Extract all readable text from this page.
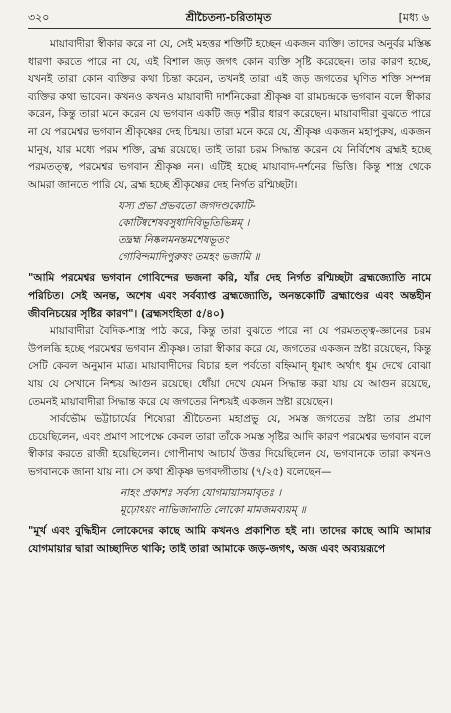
৩২০	শ্রীচৈতন্য-চরিতামৃত	[মধ্য ৬

মায়াবাদীরা স্বীকার করে না যে, সেই মহত্তর শক্তিটি হচ্ছেন একজন ব্যক্তি। তাদের অনুর্বর মস্তিষ্ক ধারণা করতে পারে না যে, এই বিশাল জড় জগৎ কোন ব্যক্তি সৃষ্টি করেছেন। তার কারণ হচ্ছে, যখনই তারা কোন ব্যক্তির কথা চিন্তা করেন, তখনই তারা এই জড় জগতের ঘৃণিত শক্তি সম্পন্ন ব্যক্তির কথা ভাবেন। কখনও কখনও মায়াবাদী দার্শনিকেরা শ্রীকৃষ্ণ বা রামচন্দ্রকে ভগবান বলে স্বীকার করেন, কিন্তু তারা মনে করেন যে ভগবান একটি জড় শরীর ধারণ করেছেন। মায়াবাদীরা বুঝতে পারে না যে পরমেশ্বর ভগবান শ্রীকৃষ্ণের দেহ চিন্ময়। তারা মনে করে যে, শ্রীকৃষ্ণ একজন মহাপুরুষ, একজন মানুষ, যার মধ্যে পরম শক্তি, ব্রহ্ম রয়েছে। তাই তারা চরম সিদ্ধান্ত করেন যে নির্বিশেষ ব্রহ্মই হচ্ছে পরমতত্ত্ব, পরমেশ্বর ভগবান শ্রীকৃষ্ণ নন। এটিই হচ্ছে মায়াবাদ-দর্শনের ভিত্তি। কিন্তু শাস্ত্র থেকে আমরা জানতে পারি যে, ব্রহ্ম হচ্ছে শ্রীকৃষ্ণের দেহ নির্গত রশ্মিচ্ছটা।

যস্য প্রভা প্রভবতো জগদণ্ডকোটি-
কোটিষ্বশেষবসুধাদিবিভূতিভিন্নম্ ।
তদ্ব্রহ্ম নিষ্কলমনন্তমশেষভূতং
গোবিন্দমাদিপুরুষং তমহং ভজামি ॥

"আমি পরমেশ্বর ভগবান গোবিন্দের ভজনা করি, যাঁর দেহ নির্গত রশ্মিচ্ছটা ব্রহ্মজ্যোতি নামে পরিচিত। সেই অনন্ত, অশেষ এবং সর্বব্যাপ্ত ব্রহ্মজ্যোতি, অনন্তকোটি ব্রহ্মাণ্ডের এবং অন্তহীন জীবনিচয়ের সৃষ্টির কারণ"। (ব্রহ্মসংহিতা ৫/৪০)

মায়াবাদীরা বৈদিক-শাস্ত্র পাঠ করে, কিন্তু তারা বুঝতে পারে না যে পরমতত্ত্ব-জ্ঞানের চরম উপলব্ধি হচ্ছে পরমেশ্বর ভগবান শ্রীকৃষ্ণ। তারা স্বীকার করে যে, জগতের একজন স্রষ্টা রয়েছেন, কিন্তু সেটি কেবল অনুমান মাত্র। মায়াবাদীদের বিচার হল পর্বতো বহ্নিমান্ ধূমাৎ অর্থাৎ ধূম দেখে বোঝা যায় যে সেখানে নিশ্চয় আগুন রয়েছে। ধোঁয়া দেখে যেমন সিদ্ধান্ত করা যায় যে আগুন রয়েছে, তেমনই মায়াবাদীরা সিদ্ধান্ত করে যে জগতের নিশ্চয়ই একজন স্রষ্টা রয়েছেন।

সার্বভৌম ভট্টাচার্যের শিষ্যেরা শ্রীচৈতন্য মহাপ্রভু যে, সমস্ত জগতের স্রষ্টা তার প্রমাণ চেয়েছিলেন, এবং প্রমাণ সাপেক্ষে কেবল তারা তাঁকে সমস্ত সৃষ্টির আদি কারণ পরমেশ্বর ভগবান বলে স্বীকার করতে রাজী হয়েছিলেন। গোপীনাথ আচার্য উত্তর দিয়েছিলেন যে, ভগবানকে তারা কখনও ভগবানকে জানা যায় না। সে কথা শ্রীকৃষ্ণ ভগবদ্গীতায় (৭/২৫) বলেছেন—

নাহং প্রকাশঃ সর্বস্য যোগমায়াসমাবৃতঃ ।
মূঢ়োঽয়ং নাভিজানাতি লোকো মামজমব্যয়ম্ ॥

"মূর্খ এবং বুদ্ধিহীন লোকেদের কাছে আমি কখনও প্রকাশিত হই না। তাদের কাছে আমি আমার যোগমায়ার দ্বারা আচ্ছাদিত থাকি; তাই তারা আমাকে জড়-জগৎ, অজ এবং অব্যয়রূপে
